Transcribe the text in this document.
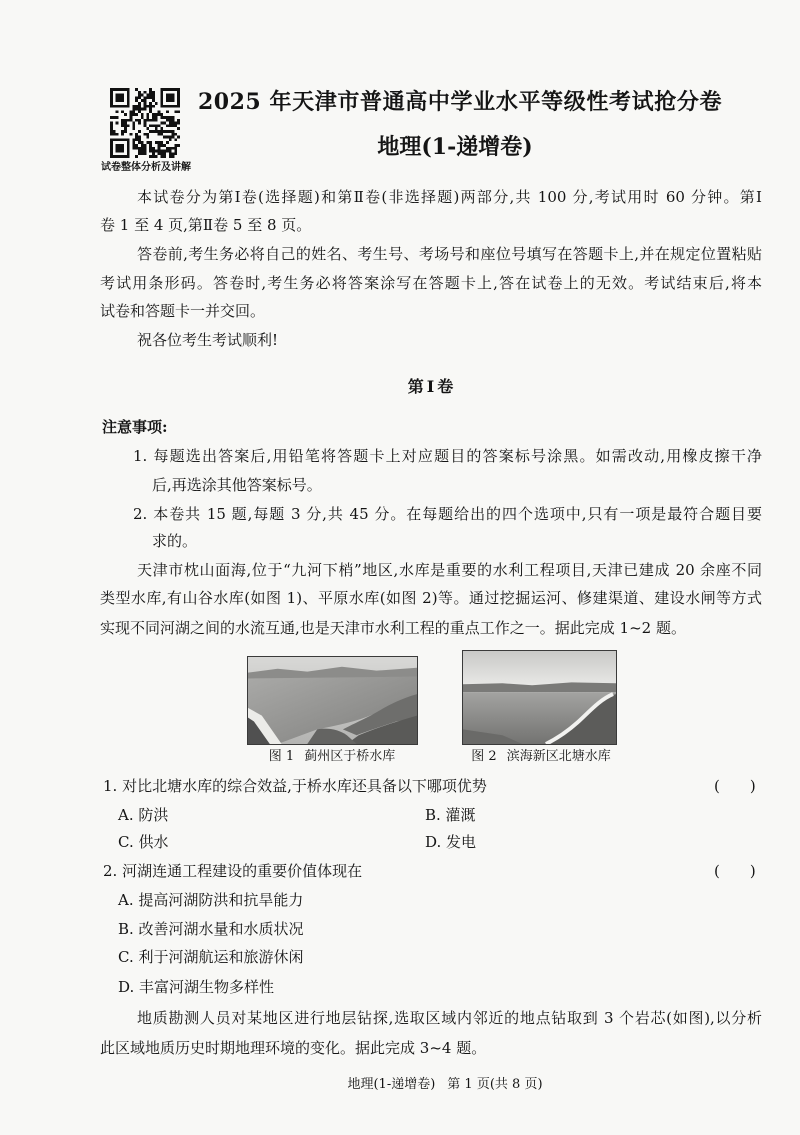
试卷整体分析及讲解
2025 年天津市普通高中学业水平等级性考试抢分卷
地理(1-递增卷)
本试卷分为第Ⅰ卷(选择题)和第Ⅱ卷(非选择题)两部分,共 100 分,考试用时 60 分钟。第Ⅰ
卷 1 至 4 页,第Ⅱ卷 5 至 8 页。
答卷前,考生务必将自己的姓名、考生号、考场号和座位号填写在答题卡上,并在规定位置粘贴
考试用条形码。答卷时,考生务必将答案涂写在答题卡上,答在试卷上的无效。考试结束后,将本
试卷和答题卡一并交回。
祝各位考生考试顺利!
第Ⅰ卷
注意事项:
1. 每题选出答案后,用铅笔将答题卡上对应题目的答案标号涂黑。如需改动,用橡皮擦干净
后,再选涂其他答案标号。
2. 本卷共 15 题,每题 3 分,共 45 分。在每题给出的四个选项中,只有一项是最符合题目要
求的。
天津市枕山面海,位于“九河下梢”地区,水库是重要的水利工程项目,天津已建成 20 余座不同
类型水库,有山谷水库(如图 1)、平原水库(如图 2)等。通过挖掘运河、修建渠道、建设水闸等方式
实现不同河湖之间的水流互通,也是天津市水利工程的重点工作之一。据此完成 1~2 题。
图 1 蓟州区于桥水库	图 2 滨海新区北塘水库
1. 对比北塘水库的综合效益,于桥水库还具备以下哪项优势	(　　)
A. 防洪	B. 灌溉
C. 供水	D. 发电
2. 河湖连通工程建设的重要价值体现在	(　　)
A. 提高河湖防洪和抗旱能力
B. 改善河湖水量和水质状况
C. 利于河湖航运和旅游休闲
D. 丰富河湖生物多样性
地质勘测人员对某地区进行地层钻探,选取区域内邻近的地点钻取到 3 个岩芯(如图),以分析
此区域地质历史时期地理环境的变化。据此完成 3~4 题。
地理(1-递增卷) 第 1 页(共 8 页)
